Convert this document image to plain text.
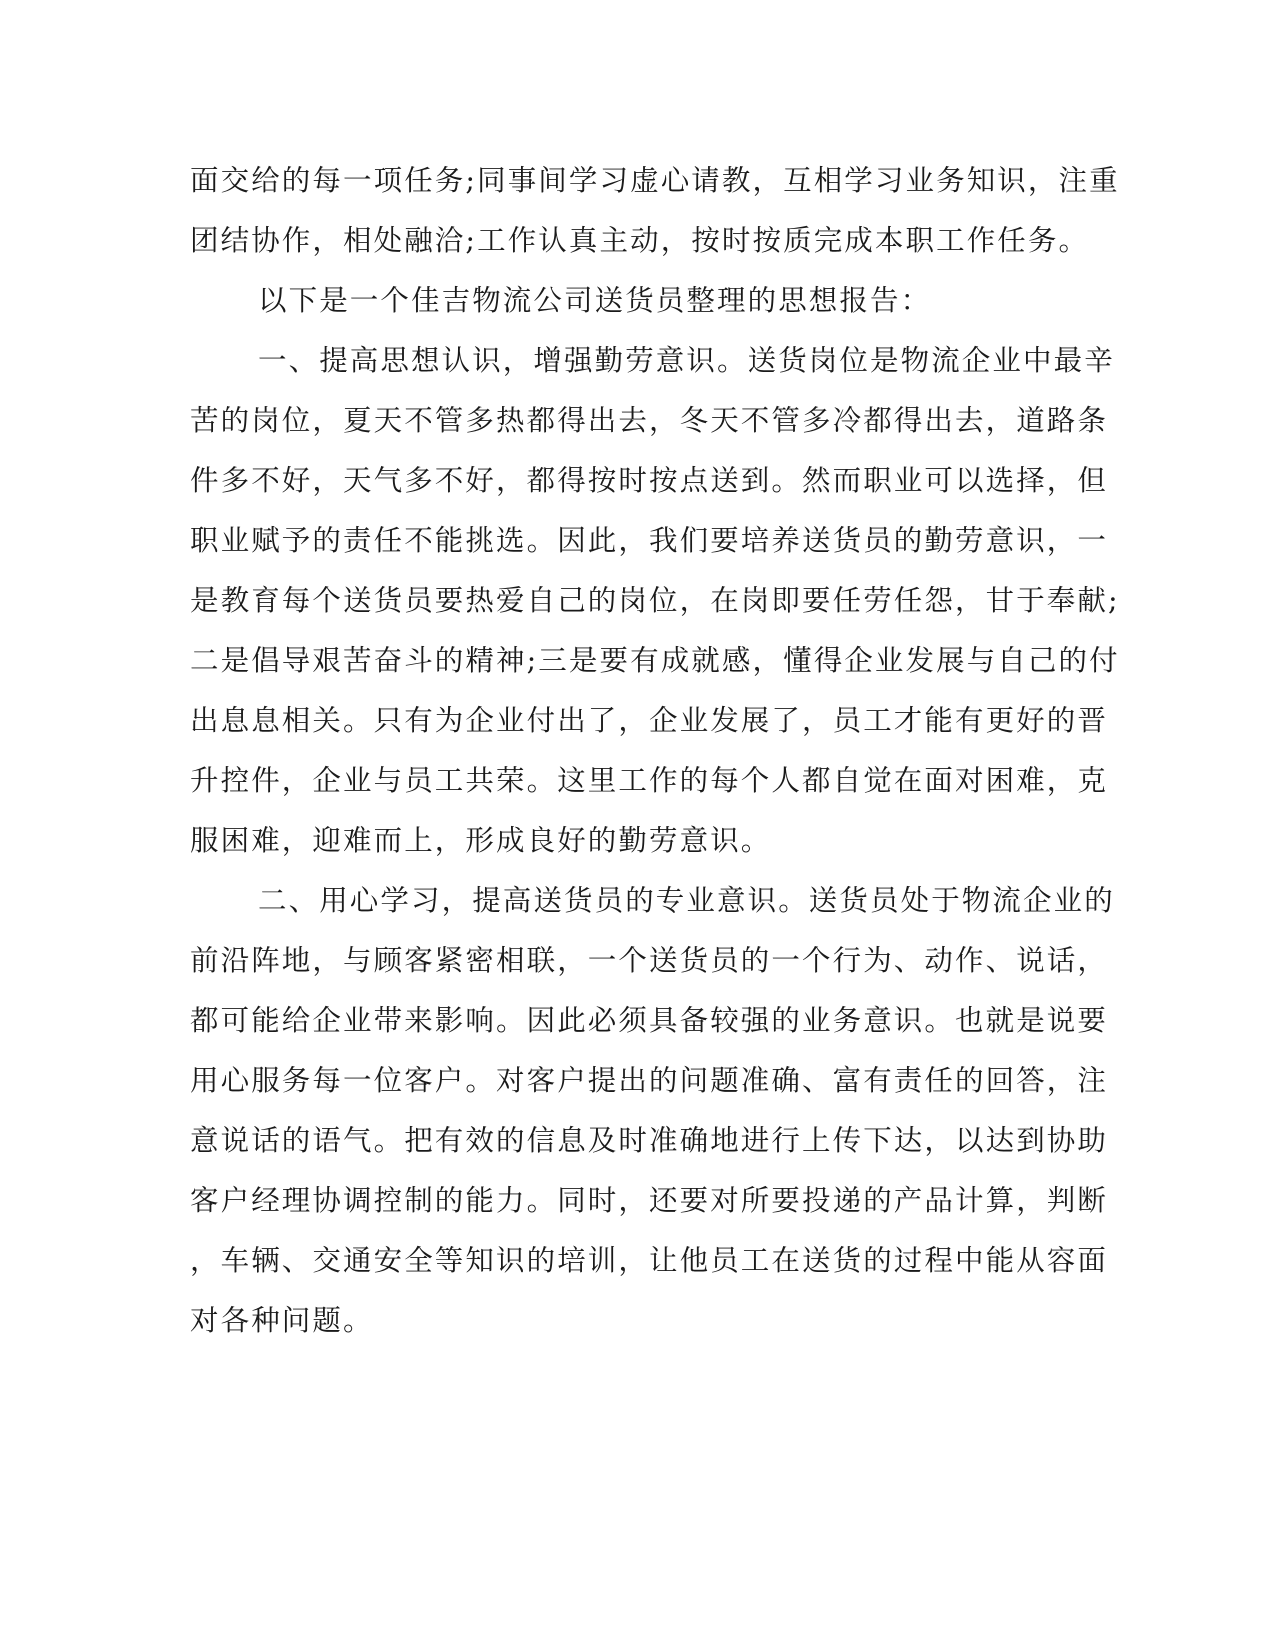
面交给的每一项任务;同事间学习虚心请教，互相学习业务知识，注重
团结协作，相处融洽;工作认真主动，按时按质完成本职工作任务。
以下是一个佳吉物流公司送货员整理的思想报告：
一、提高思想认识，增强勤劳意识。送货岗位是物流企业中最辛
苦的岗位，夏天不管多热都得出去，冬天不管多冷都得出去，道路条
件多不好，天气多不好，都得按时按点送到。然而职业可以选择，但
职业赋予的责任不能挑选。因此，我们要培养送货员的勤劳意识，一
是教育每个送货员要热爱自己的岗位，在岗即要任劳任怨，甘于奉献;
二是倡导艰苦奋斗的精神;三是要有成就感，懂得企业发展与自己的付
出息息相关。只有为企业付出了，企业发展了，员工才能有更好的晋
升控件，企业与员工共荣。这里工作的每个人都自觉在面对困难，克
服困难，迎难而上，形成良好的勤劳意识。
二、用心学习，提高送货员的专业意识。送货员处于物流企业的
前沿阵地，与顾客紧密相联，一个送货员的一个行为、动作、说话，
都可能给企业带来影响。因此必须具备较强的业务意识。也就是说要
用心服务每一位客户。对客户提出的问题准确、富有责任的回答，注
意说话的语气。把有效的信息及时准确地进行上传下达，以达到协助
客户经理协调控制的能力。同时，还要对所要投递的产品计算，判断
，车辆、交通安全等知识的培训，让他员工在送货的过程中能从容面
对各种问题。
